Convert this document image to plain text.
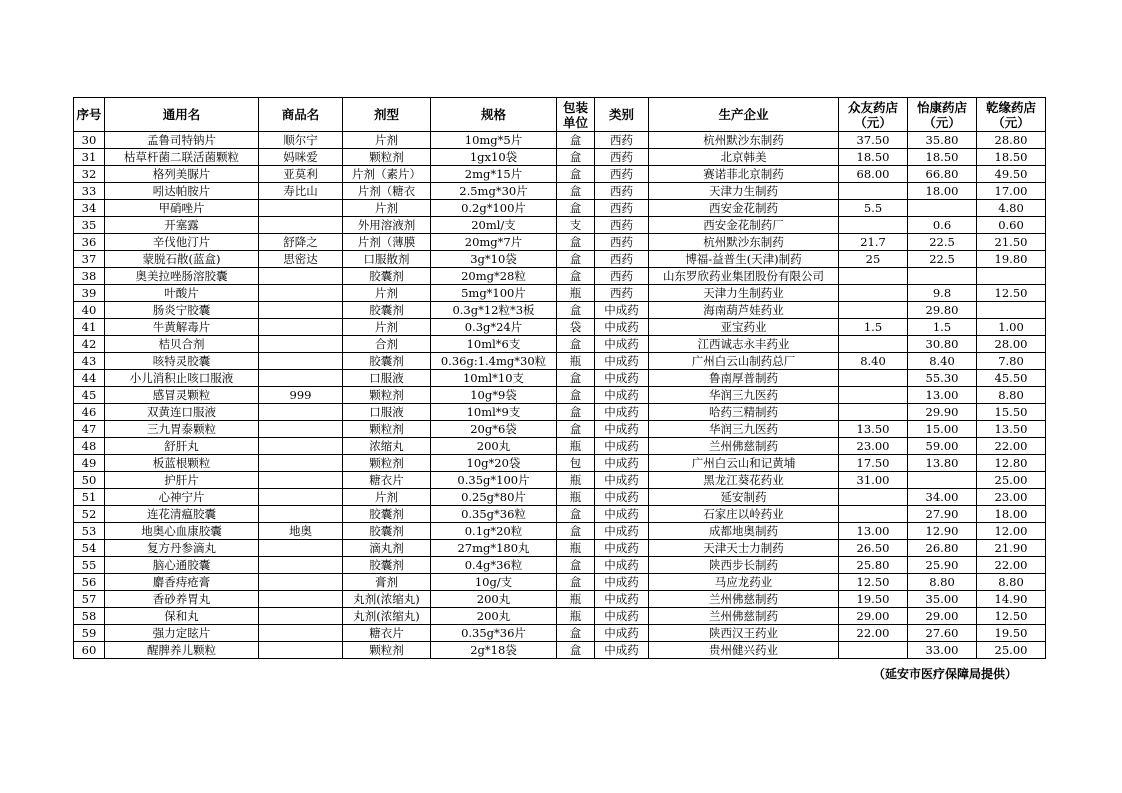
序号	通用名	商品名	剂型	规格	包装单位	类别	生产企业	众友药店（元）	怡康药店（元）	乾缘药店（元）
30	孟鲁司特钠片	顺尔宁	片剂	10mg*5片	盒	西药	杭州默沙东制药	37.50	35.80	28.80
31	枯草杆菌二联活菌颗粒	妈咪爱	颗粒剂	1gx10袋	盒	西药	北京韩美	18.50	18.50	18.50
32	格列美脲片	亚莫利	片剂（素片）	2mg*15片	盒	西药	赛诺菲北京制药	68.00	66.80	49.50
33	吲达帕胺片	寿比山	片剂（糖衣	2.5mg*30片	盒	西药	天津力生制药		18.00	17.00
34	甲硝唑片		片剂	0.2g*100片	盒	西药	西安金花制药	5.5		4.80
35	开塞露		外用溶液剂	20ml/支	支	西药	西安金花制药厂		0.6	0.60
36	辛伐他汀片	舒降之	片剂（薄膜	20mg*7片	盒	西药	杭州默沙东制药	21.7	22.5	21.50
37	蒙脱石散(蓝盒)	思密达	口服散剂	3g*10袋	盒	西药	博福-益普生(天津)制药	25	22.5	19.80
38	奥美拉唑肠溶胶囊		胶囊剂	20mg*28粒	盒	西药	山东罗欣药业集团股份有限公司			
39	叶酸片		片剂	5mg*100片	瓶	西药	天津力生制药业		9.8	12.50
40	肠炎宁胶囊		胶囊剂	0.3g*12粒*3板	盒	中成药	海南葫芦娃药业		29.80	
41	牛黄解毒片		片剂	0.3g*24片	袋	中成药	亚宝药业	1.5	1.5	1.00
42	桔贝合剂		合剂	10ml*6支	盒	中成药	江西诚志永丰药业		30.80	28.00
43	咳特灵胶囊		胶囊剂	0.36g:1.4mg*30粒	瓶	中成药	广州白云山制药总厂	8.40	8.40	7.80
44	小儿消积止咳口服液		口服液	10ml*10支	盒	中成药	鲁南厚普制药		55.30	45.50
45	感冒灵颗粒	999	颗粒剂	10g*9袋	盒	中成药	华润三九医药		13.00	8.80
46	双黄连口服液		口服液	10ml*9支	盒	中成药	哈药三精制药		29.90	15.50
47	三九胃泰颗粒		颗粒剂	20g*6袋	盒	中成药	华润三九医药	13.50	15.00	13.50
48	舒肝丸		浓缩丸	200丸	瓶	中成药	兰州佛慈制药	23.00	59.00	22.00
49	板蓝根颗粒		颗粒剂	10g*20袋	包	中成药	广州白云山和记黄埔	17.50	13.80	12.80
50	护肝片		糖衣片	0.35g*100片	瓶	中成药	黑龙江葵花药业	31.00		25.00
51	心神宁片		片剂	0.25g*80片	瓶	中成药	延安制药		34.00	23.00
52	连花清瘟胶囊		胶囊剂	0.35g*36粒	盒	中成药	石家庄以岭药业		27.90	18.00
53	地奥心血康胶囊	地奥	胶囊剂	0.1g*20粒	盒	中成药	成都地奥制药	13.00	12.90	12.00
54	复方丹参滴丸		滴丸剂	27mg*180丸	瓶	中成药	天津天士力制药	26.50	26.80	21.90
55	脑心通胶囊		胶囊剂	0.4g*36粒	盒	中成药	陕西步长制药	25.80	25.90	22.00
56	麝香痔疮膏		膏剂	10g/支	盒	中成药	马应龙药业	12.50	8.80	8.80
57	香砂养胃丸		丸剂(浓缩丸)	200丸	瓶	中成药	兰州佛慈制药	19.50	35.00	14.90
58	保和丸		丸剂(浓缩丸)	200丸	瓶	中成药	兰州佛慈制药	29.00	29.00	12.50
59	强力定眩片		糖衣片	0.35g*36片	盒	中成药	陕西汉王药业	22.00	27.60	19.50
60	醒脾养儿颗粒		颗粒剂	2g*18袋	盒	中成药	贵州健兴药业		33.00	25.00
（延安市医疗保障局提供）
